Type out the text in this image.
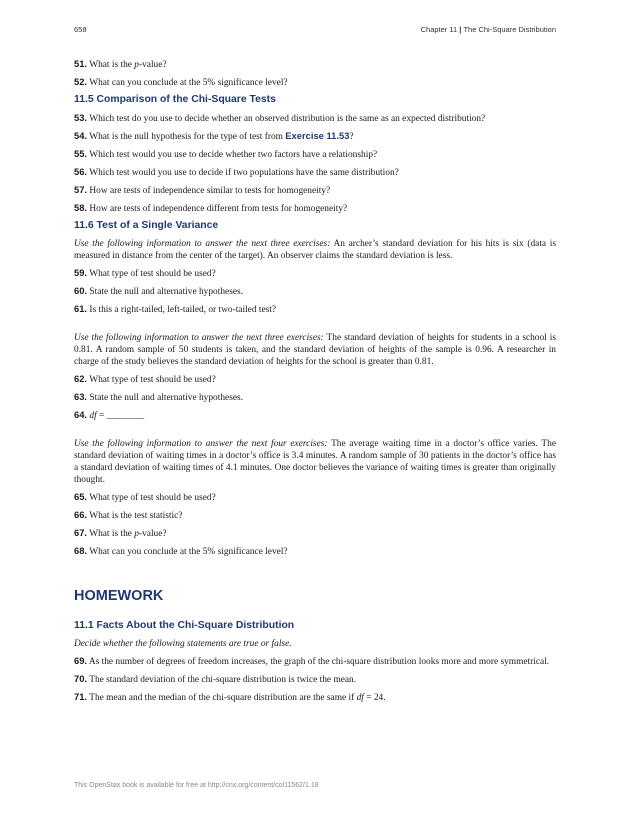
658	Chapter 11 | The Chi-Square Distribution

51. What is the p-value?

52. What can you conclude at the 5% significance level?

11.5 Comparison of the Chi-Square Tests

53. Which test do you use to decide whether an observed distribution is the same as an expected distribution?

54. What is the null hypothesis for the type of test from Exercise 11.53?

55. Which test would you use to decide whether two factors have a relationship?

56. Which test would you use to decide if two populations have the same distribution?

57. How are tests of independence similar to tests for homogeneity?

58. How are tests of independence different from tests for homogeneity?

11.6 Test of a Single Variance

Use the following information to answer the next three exercises: An archer’s standard deviation for his hits is six (data is measured in distance from the center of the target). An observer claims the standard deviation is less.

59. What type of test should be used?

60. State the null and alternative hypotheses.

61. Is this a right-tailed, left-tailed, or two-tailed test?

Use the following information to answer the next three exercises: The standard deviation of heights for students in a school is 0.81. A random sample of 50 students is taken, and the standard deviation of heights of the sample is 0.96. A researcher in charge of the study believes the standard deviation of heights for the school is greater than 0.81.

62. What type of test should be used?

63. State the null and alternative hypotheses.

64. df = ________

Use the following information to answer the next four exercises: The average waiting time in a doctor’s office varies. The standard deviation of waiting times in a doctor’s office is 3.4 minutes. A random sample of 30 patients in the doctor’s office has a standard deviation of waiting times of 4.1 minutes. One doctor believes the variance of waiting times is greater than originally thought.

65. What type of test should be used?

66. What is the test statistic?

67. What is the p-value?

68. What can you conclude at the 5% significance level?

HOMEWORK
11.1 Facts About the Chi-Square Distribution

Decide whether the following statements are true or false.

69. As the number of degrees of freedom increases, the graph of the chi-square distribution looks more and more symmetrical.

70. The standard deviation of the chi-square distribution is twice the mean.

71. The mean and the median of the chi-square distribution are the same if df = 24.

This OpenStax book is available for free at http://cnx.org/content/col11562/1.18
